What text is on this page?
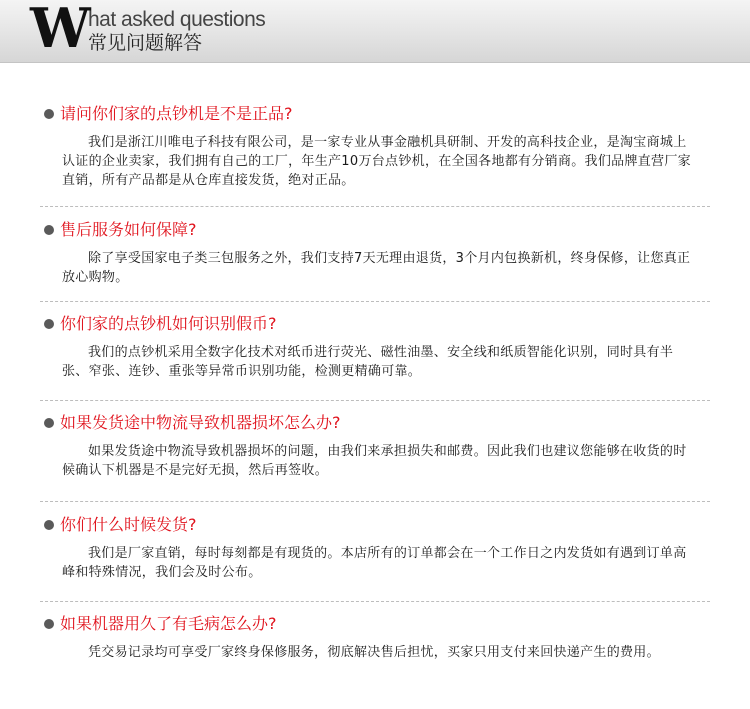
W hat asked questions
常见问题解答
请问你们家的点钞机是不是正品?

我们是浙江川唯电子科技有限公司，是一家专业从事金融机具研制、开发的高科技企业，是淘宝商城上认证的企业卖家，我们拥有自己的工厂，年生产10万台点钞机，在全国各地都有分销商。我们品牌直营厂家直销，所有产品都是从仓库直接发货，绝对正品。

售后服务如何保障?

除了享受国家电子类三包服务之外，我们支持7天无理由退货，3个月内包换新机，终身保修，让您真正放心购物。

你们家的点钞机如何识别假币?

我们的点钞机采用全数字化技术对纸币进行荧光、磁性油墨、安全线和纸质智能化识别，同时具有半张、窄张、连钞、重张等异常币识别功能，检测更精确可靠。

如果发货途中物流导致机器损坏怎么办?

如果发货途中物流导致机器损坏的问题，由我们来承担损失和邮费。因此我们也建议您能够在收货的时候确认下机器是不是完好无损，然后再签收。

你们什么时候发货?

我们是厂家直销，每时每刻都是有现货的。本店所有的订单都会在一个工作日之内发货如有遇到订单高峰和特殊情况，我们会及时公布。

如果机器用久了有毛病怎么办?

凭交易记录均可享受厂家终身保修服务，彻底解决售后担忧，买家只用支付来回快递产生的费用。
